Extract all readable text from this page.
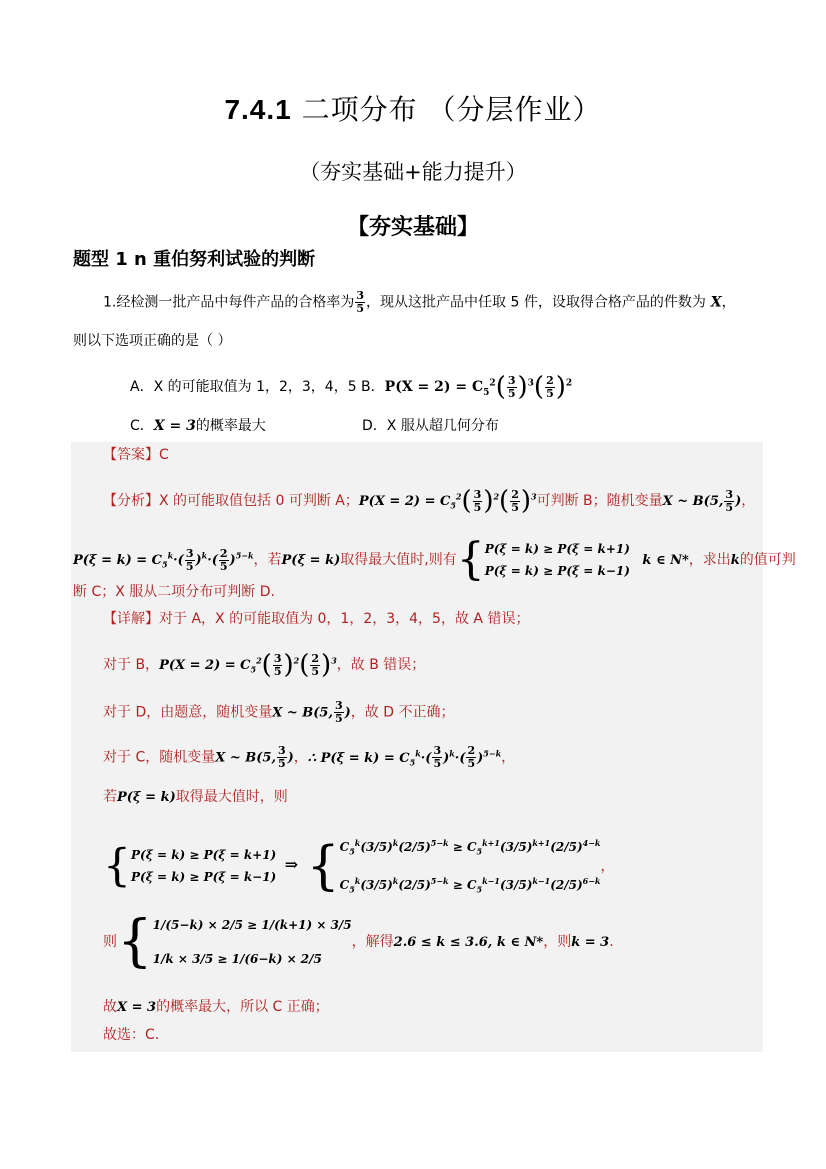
7.4.1 二项分布 （分层作业）
（夯实基础+能力提升）
【夯实基础】
题型 1 n 重伯努利试验的判断
1.经检测一批产品中每件产品的合格率为 $\frac{3}{5}$ ，现从这批产品中任取 5 件，设取得合格产品的件数为 X，
则以下选项正确的是（ ）
A．X 的可能取值为 1，2，3，4，5 B．$P(X = 2) = C_5^2( \frac{3}{5} )^3( \frac{2}{5} )^2$
C．X = 3的概率最大	D．X 服从超几何分布
【答案】C
【分析】X 的可能取值包括 0 可判断 A；$P(X = 2) = C_5^2( \frac{3}{5} )^2( \frac{2}{5} )^3$可判断 B；随机变量X ~ B(5, $\frac{3}{5}$ )，
$P(\xi = k) = C_5^k\cdot( \frac{3}{5} )^k\cdot( \frac{2}{5} )^{5-k}$，若P(ξ = k)取得最大值时,则有{ P(ξ = k) ≥ P(ξ = k+1)
P(ξ = k) ≥ P(ξ = k−1)
k ∈ N*，求出k的值可判
断 C；X 服从二项分布可判断 D.
【详解】对于 A，X 的可能取值为 0，1，2，3，4，5，故 A 错误；
对于 B，$P(X = 2) = C_5^2( \frac{3}{5} )^2( \frac{2}{5} )^3$，故 B 错误；
对于 D，由题意，随机变量X ~ B(5, $\frac{3}{5}$ )，故 D 不正确；
对于 C，随机变量X ~ B(5, $\frac{3}{5}$ )，∴ $P(\xi = k) = C_5^k\cdot( \frac{3}{5} )^k\cdot( \frac{2}{5} )^{5-k}$，
若P(ξ = k)取得最大值时，则
{ P(ξ = k) ≥ P(ξ = k+1)
P(ξ = k) ≥ P(ξ = k−1)
⇒ { $C_5^k(3/5)^k(2/5)^{5-k} \ge C_5^{k+1}(3/5)^{k+1}(2/5)^{4-k}$
$C_5^k(3/5)^k(2/5)^{5-k} \ge C_5^{k-1}(3/5)^{k-1}(2/5)^{6-k}$
，
则{ 1/(5−k) × 2/5 ≥ 1/(k+1) × 3/5
1/k × 3/5 ≥ 1/(6−k) × 2/5
，解得2.6 ≤ k ≤ 3.6, k ∈ N*，则k = 3.
故X = 3的概率最大，所以 C 正确；
故选：C.
